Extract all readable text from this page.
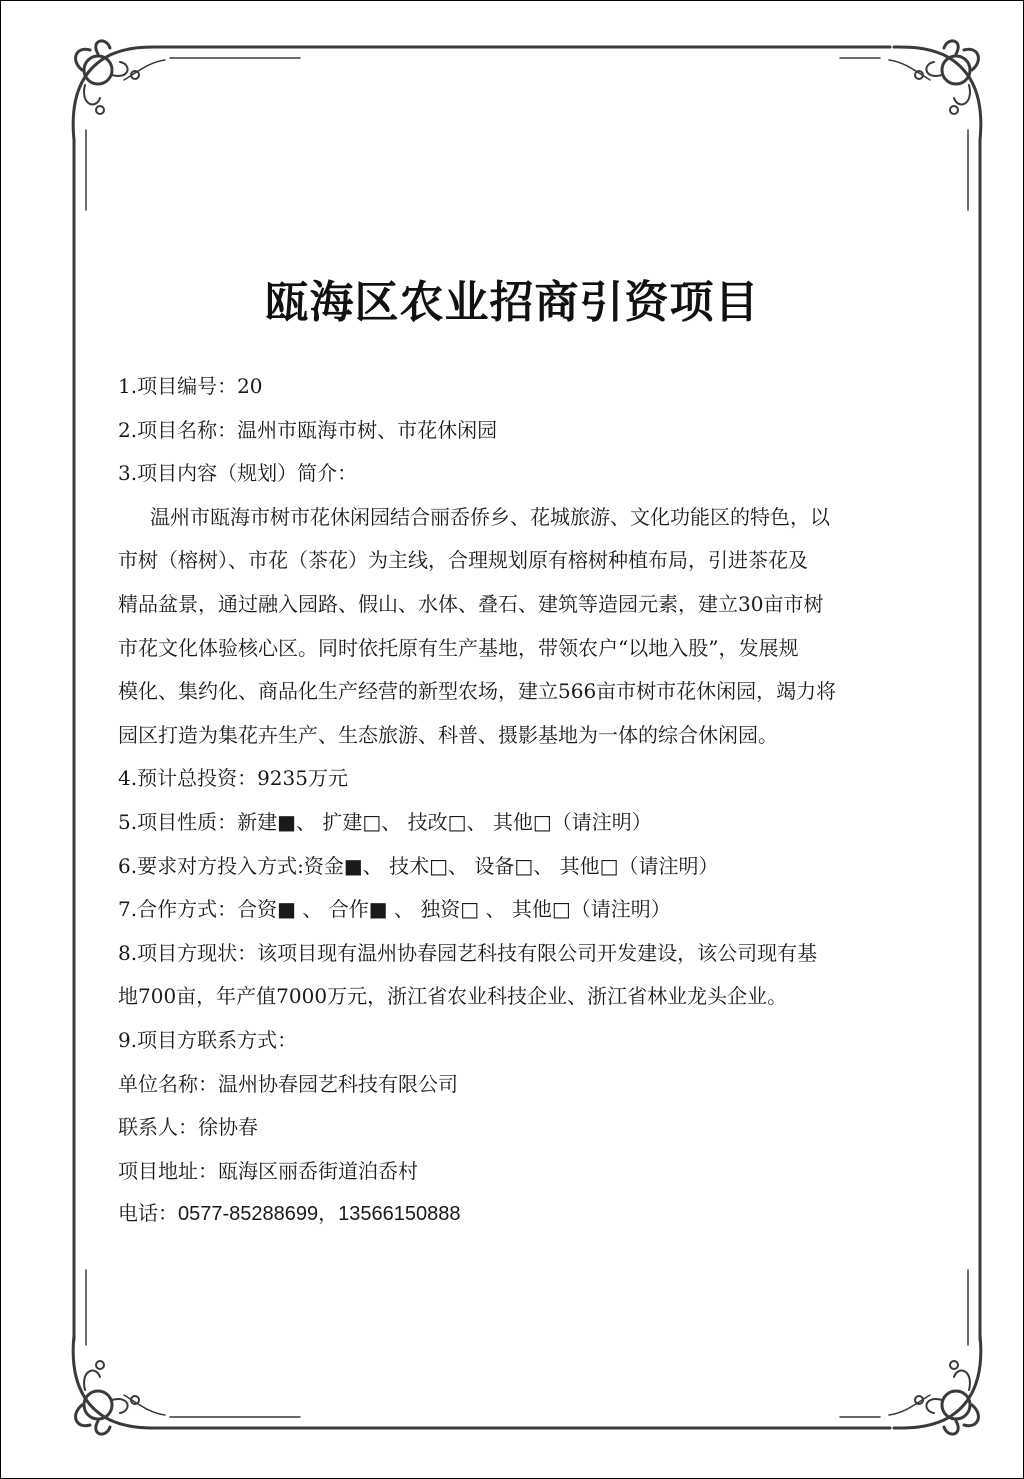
瓯海区农业招商引资项目
1.项目编号：20
2.项目名称：温州市瓯海市树、市花休闲园
3.项目内容（规划）简介：
温州市瓯海市树市花休闲园结合丽岙侨乡、花城旅游、文化功能区的特色，以
市树（榕树）、市花（茶花）为主线，合理规划原有榕树种植布局，引进茶花及
精品盆景，通过融入园路、假山、水体、叠石、建筑等造园元素，建立30亩市树
市花文化体验核心区。同时依托原有生产基地，带领农户“以地入股”，发展规
模化、集约化、商品化生产经营的新型农场，建立566亩市树市花休闲园，竭力将
园区打造为集花卉生产、生态旅游、科普、摄影基地为一体的综合休闲园。
4.预计总投资：9235万元
5.项目性质：新建■、 扩建□、 技改□、 其他□（请注明）
6.要求对方投入方式:资金■、 技术□、 设备□、 其他□（请注明）
7.合作方式：合资■ 、 合作■ 、 独资□ 、 其他□（请注明）
8.项目方现状：该项目现有温州协春园艺科技有限公司开发建设，该公司现有基
地700亩，年产值7000万元，浙江省农业科技企业、浙江省林业龙头企业。
9.项目方联系方式：
单位名称：温州协春园艺科技有限公司
联系人：徐协春
项目地址：瓯海区丽岙街道泊岙村
电话：0577-85288699，13566150888
